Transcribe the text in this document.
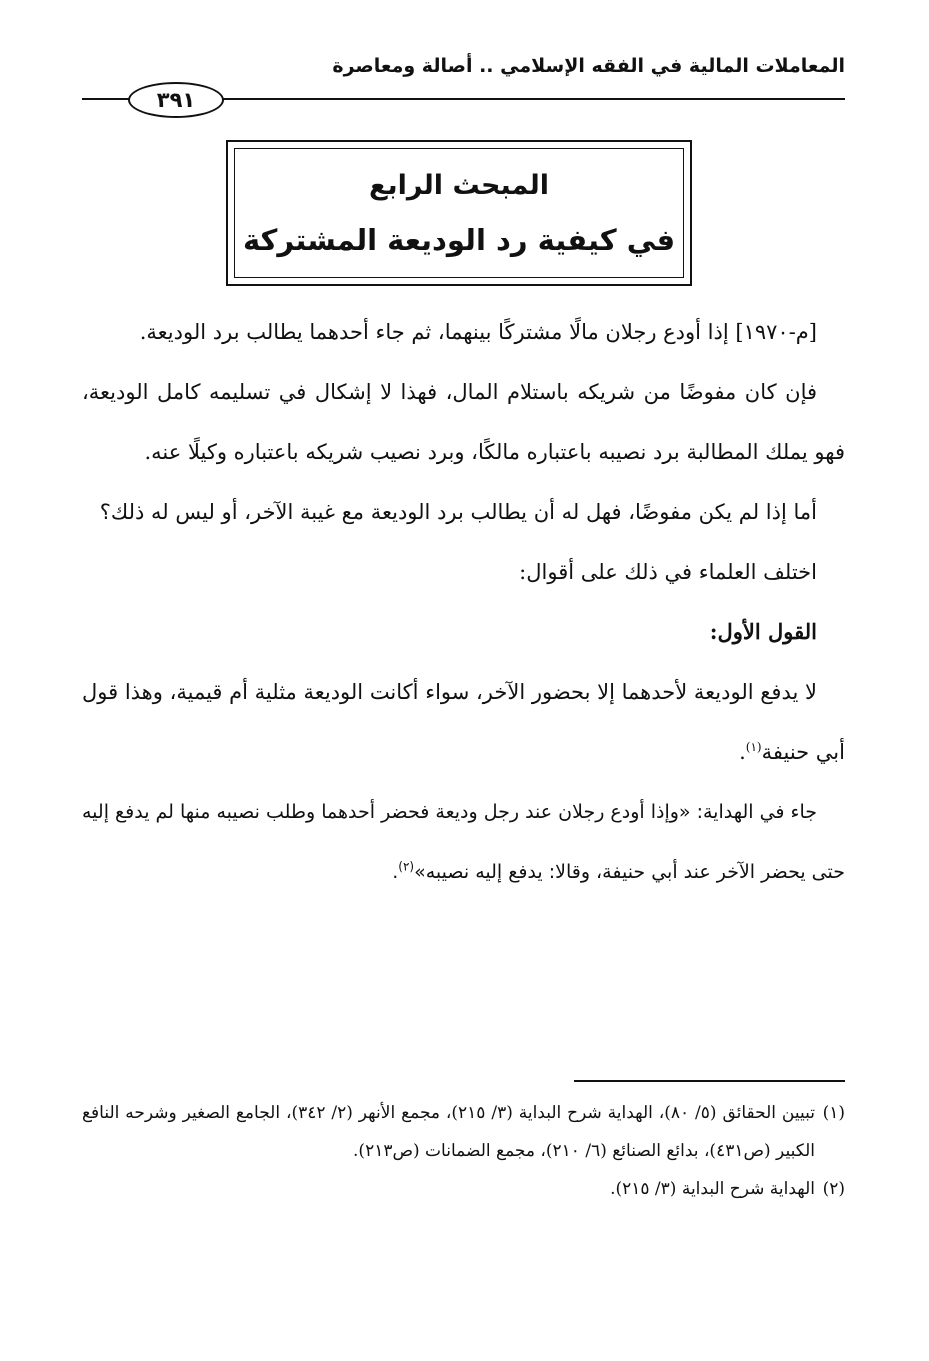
المعاملات المالية في الفقه الإسلامي .. أصالة ومعاصرة
٣٩١
المبحث الرابع
في كيفية رد الوديعة المشتركة

[م-١٩٧٠] إذا أودع رجلان مالًا مشتركًا بينهما، ثم جاء أحدهما يطالب برد الوديعة.

فإن كان مفوضًا من شريكه باستلام المال، فهذا لا إشكال في تسليمه كامل الوديعة، فهو يملك المطالبة برد نصيبه باعتباره مالكًا، وبرد نصيب شريكه باعتباره وكيلًا عنه.

أما إذا لم يكن مفوضًا، فهل له أن يطالب برد الوديعة مع غيبة الآخر، أو ليس له ذلك؟

اختلف العلماء في ذلك على أقوال:

القول الأول:

لا يدفع الوديعة لأحدهما إلا بحضور الآخر، سواء أكانت الوديعة مثلية أم قيمية، وهذا قول أبي حنيفة$^{(١)}$.

جاء في الهداية: «وإذا أودع رجلان عند رجل وديعة فحضر أحدهما وطلب نصيبه منها لم يدفع إليه حتى يحضر الآخر عند أبي حنيفة، وقالا: يدفع إليه نصيبه»$^{(٢)}$.

(١)
تبيين الحقائق (٥/ ٨٠)، الهداية شرح البداية (٣/ ٢١٥)، مجمع الأنهر (٢/ ٣٤٢)، الجامع الصغير وشرحه النافع الكبير (ص٤٣١)، بدائع الصنائع (٦/ ٢١٠)، مجمع الضمانات (ص٢١٣).

(٢)
الهداية شرح البداية (٣/ ٢١٥).
